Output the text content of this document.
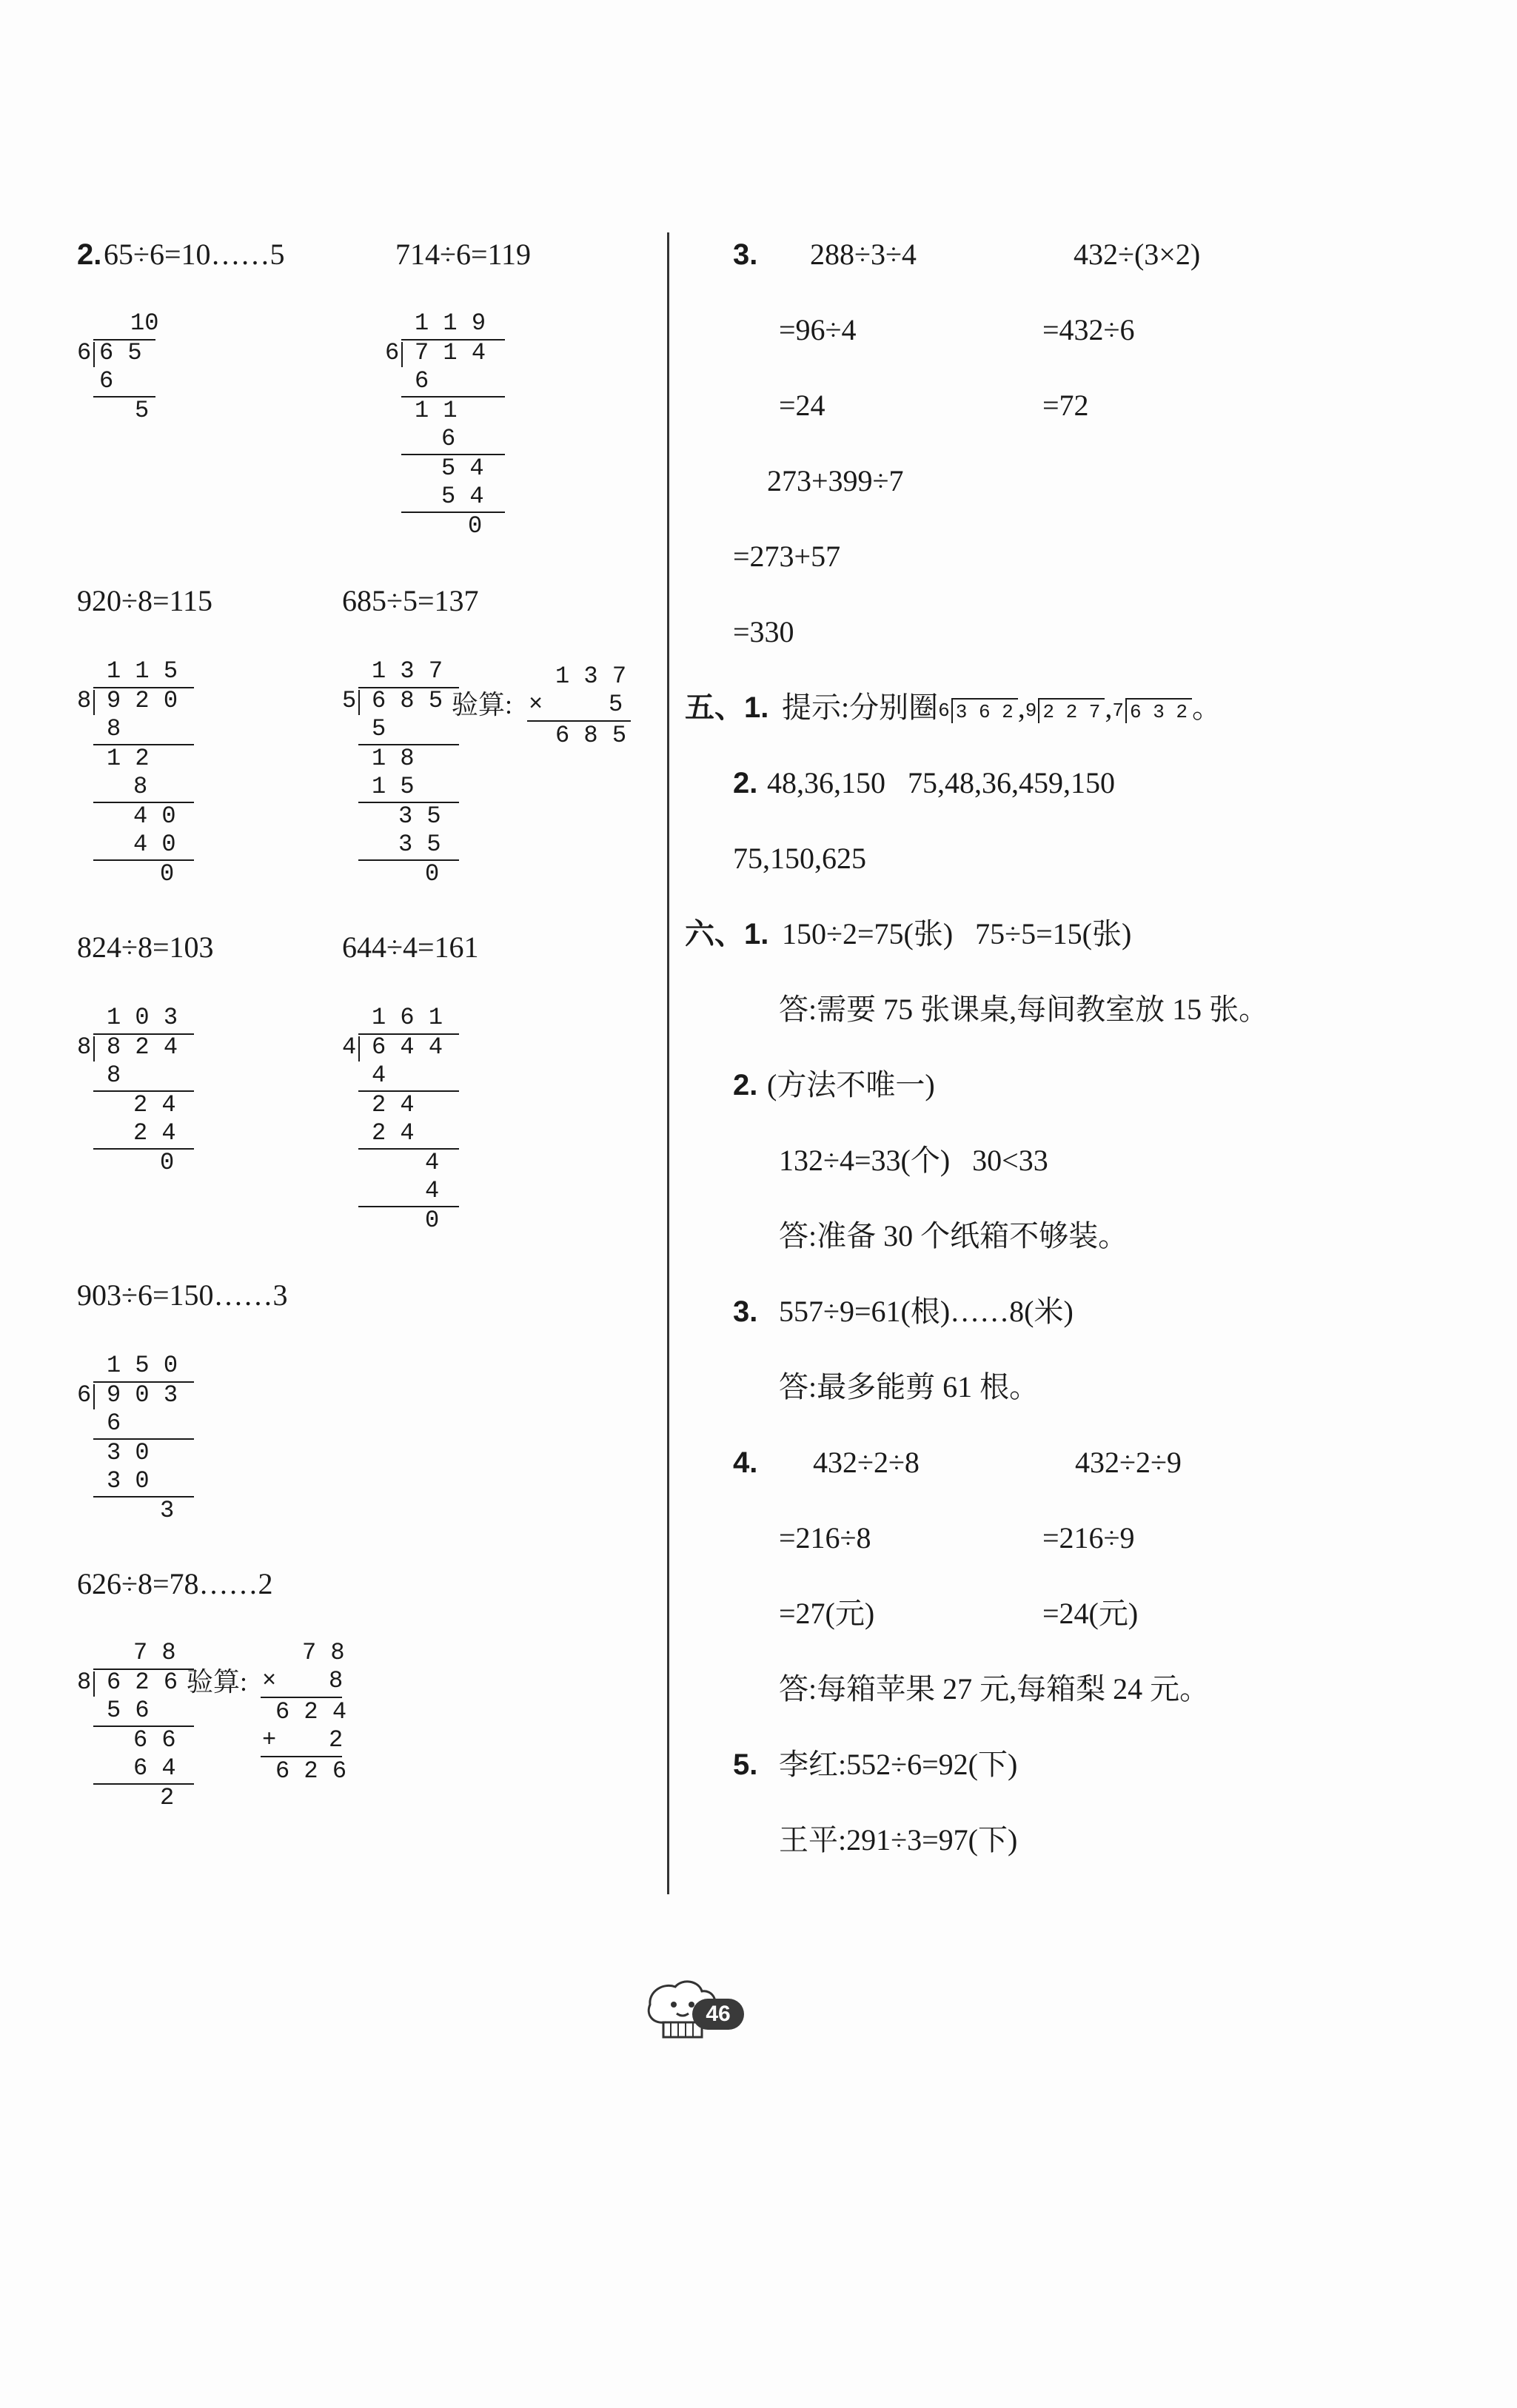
2. 65÷6=10……5	714÷6=119
10
6 6 5
6
5
1 1 9
6 7 1 4
6
1 1
6
5 4
5 4
0
920÷8=115	685÷5=137
1 1 5
8 9 2 0
8
1 2
8
4 0
4 0
0
1 3 7
5 6 8 5
5
1 8
1 5
3 5
3 5
0
验算:
1 3 7
×	5
6 8 5
824÷8=103	644÷4=161
1 0 3
8 8 2 4
8
2 4
2 4
0
1 6 1
4 6 4 4
4
2 4
2 4
4
4
0
903÷6=150……3
1 5 0
6 9 0 3
6
3 0
3 0
3
626÷8=78……2
7 8
8 6 2 6
5 6
6 6
6 4
2
验算:
7 8
× 8
6 2 4
+ 2
6 2 6
3. 288÷3÷4	432÷(3×2)
=96÷4	=432÷6
=24	=72
273+399÷7
=273+57
=330
五、1. 提示:分别圈6 3 6 2 ,9 2 2 7 ,7 6 3 2 。
2. 48,36,150   75,48,36,459,150
75,150,625
六、1. 150÷2=75(张)   75÷5=15(张)
答:需要 75 张课桌,每间教室放 15 张。
2. (方法不唯一)
132÷4=33(个)   30<33
答:准备 30 个纸箱不够装。
3. 557÷9=61(根)……8(米)
答:最多能剪 61 根。
4. 432÷2÷8	432÷2÷9
=216÷8	=216÷9
=27(元)	=24(元)
答:每箱苹果 27 元,每箱梨 24 元。
5. 李红:552÷6=92(下)
王平:291÷3=97(下)
46
